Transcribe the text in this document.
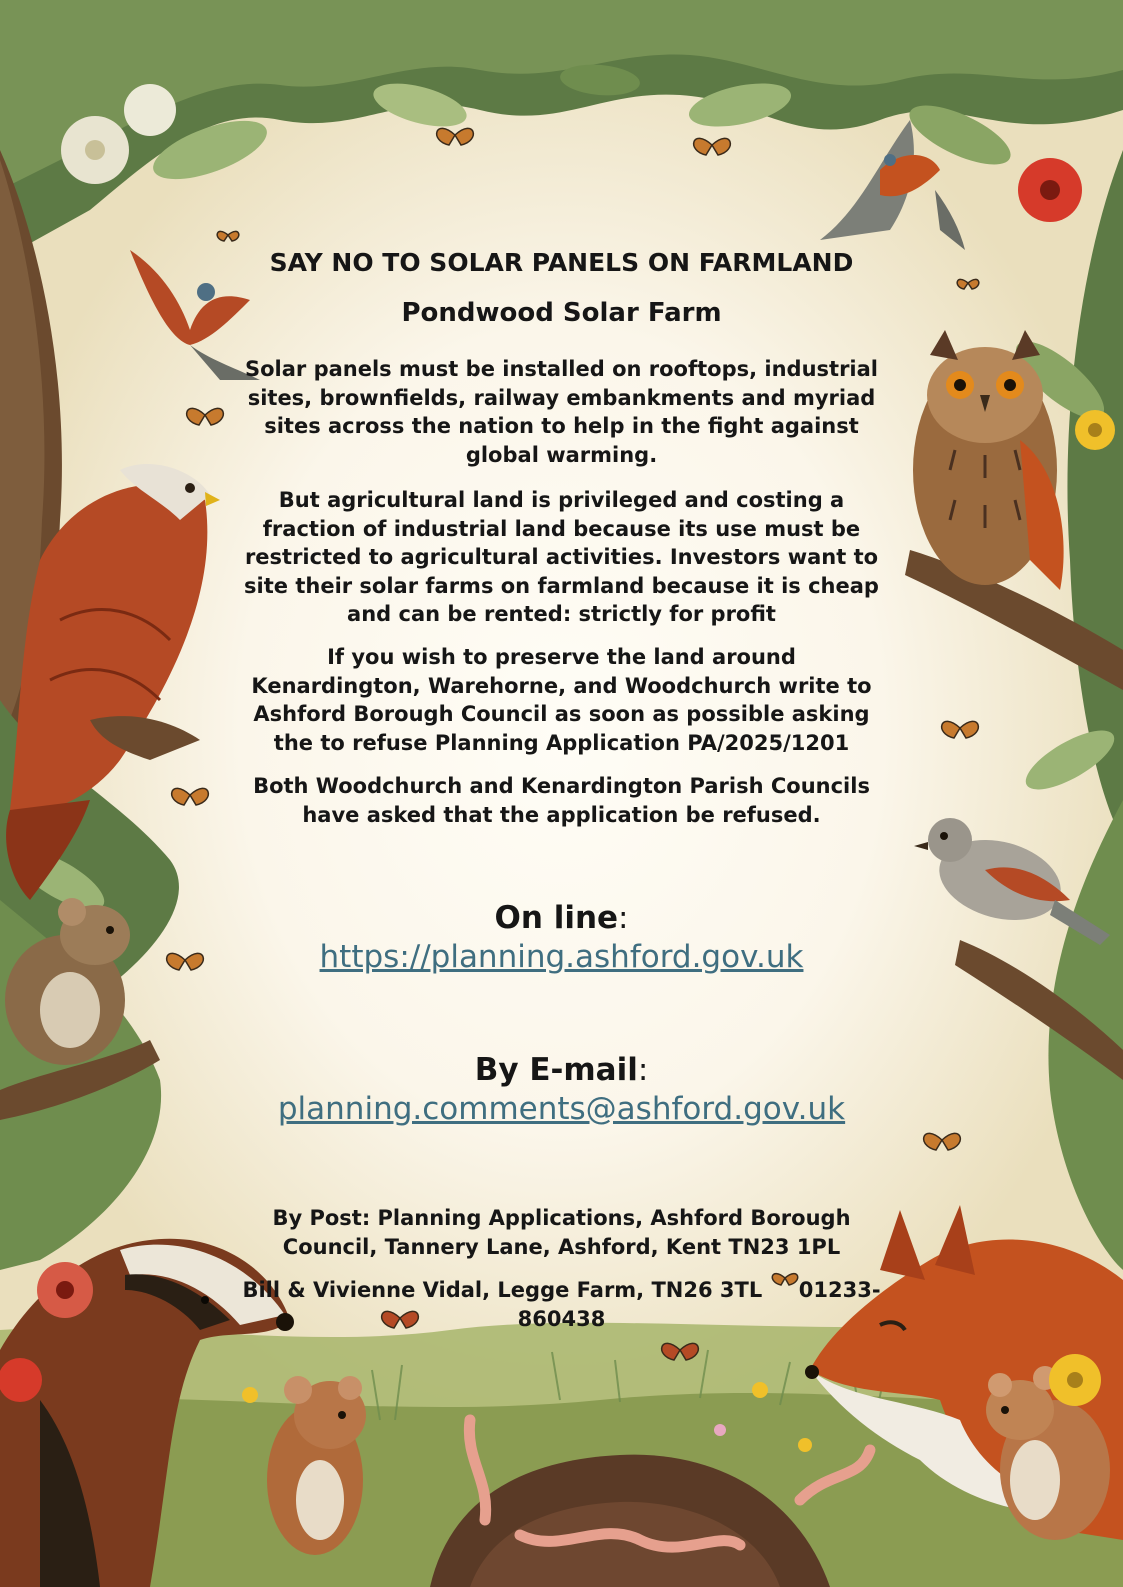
SAY NO TO SOLAR PANELS ON FARMLAND
Pondwood Solar Farm
Solar panels must be installed on rooftops, industrial sites, brownfields, railway embankments and myriad sites across the nation to help in the fight against global warming.
But agricultural land is privileged and costing a fraction of industrial land because its use must be restricted to agricultural activities. Investors want to site their solar farms on farmland because it is cheap and can be rented: strictly for profit
If you wish to preserve the land around Kenardington, Warehorne, and Woodchurch write to Ashford Borough Council as soon as possible asking the to refuse Planning Application PA/2025/1201
Both Woodchurch and Kenardington Parish Councils have asked that the application be refused.
On line:
https://planning.ashford.gov.uk
By E-mail:
planning.comments@ashford.gov.uk
By Post: Planning Applications, Ashford Borough Council, Tannery Lane, Ashford, Kent TN23 1PL
Bill & Vivienne Vidal, Legge Farm, TN26 3TL     01233-860438
